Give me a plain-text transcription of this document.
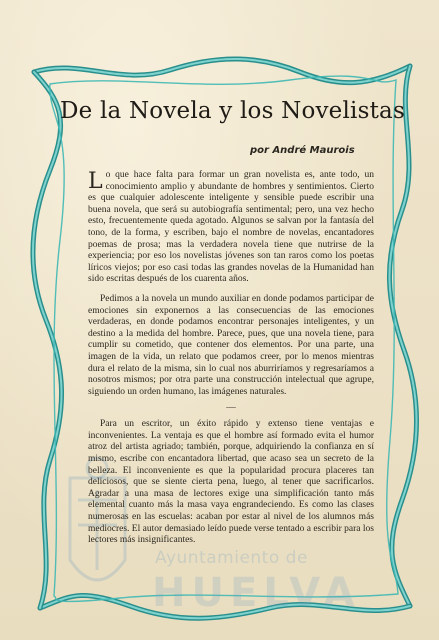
Ayuntamiento de
HUELVA
De la Novela y los Novelistas
por André Maurois

Lo que hace falta para formar un gran novelista es, ante todo, un conocimiento amplio y abundante de hombres y sentimientos. Cierto es que cualquier adolescente inteligente y sensible puede escribir una buena novela, que será su autobiografía sentimental; pero, una vez hecho esto, frecuentemente queda agotado. Algunos se salvan por la fantasía del tono, de la forma, y escriben, bajo el nombre de novelas, encantadores poemas de prosa; mas la verdadera novela tiene que nutrirse de la experiencia; por eso los novelistas jóvenes son tan raros como los poetas líricos viejos; por eso casi todas las grandes novelas de la Humanidad han sido escritas después de los cuarenta años.

Pedimos a la novela un mundo auxiliar en donde podamos participar de emociones sin exponernos a las consecuencias de las emociones verdaderas, en donde podamos encontrar personajes inteligentes, y un destino a la medida del hombre. Parece, pues, que una novela tiene, para cumplir su cometido, que contener dos elementos. Por una parte, una imagen de la vida, un relato que podamos creer, por lo menos mientras dura el relato de la misma, sin lo cual nos aburriríamos y regresaríamos a nosotros mismos; por otra parte una construcción intelectual que agrupe, siguiendo un orden humano, las imágenes naturales.

—

Para un escritor, un éxito rápido y extenso tiene ventajas e inconvenientes. La ventaja es que el hombre así formado evita el humor atroz del artista agriado; también, porque, adquiriendo la confianza en sí mismo, escribe con encantadora libertad, que acaso sea un secreto de la belleza. El inconveniente es que la popularidad procura placeres tan deliciosos, que se siente cierta pena, luego, al tener que sacrificarlos. Agradar a una masa de lectores exige una simplificación tanto más elemental cuanto más la masa vaya engrandeciendo. Es como las clases numerosas en las escuelas: acaban por estar al nivel de los alumnos más mediocres. El autor demasiado leído puede verse tentado a escribir para los lectores más insignificantes.
